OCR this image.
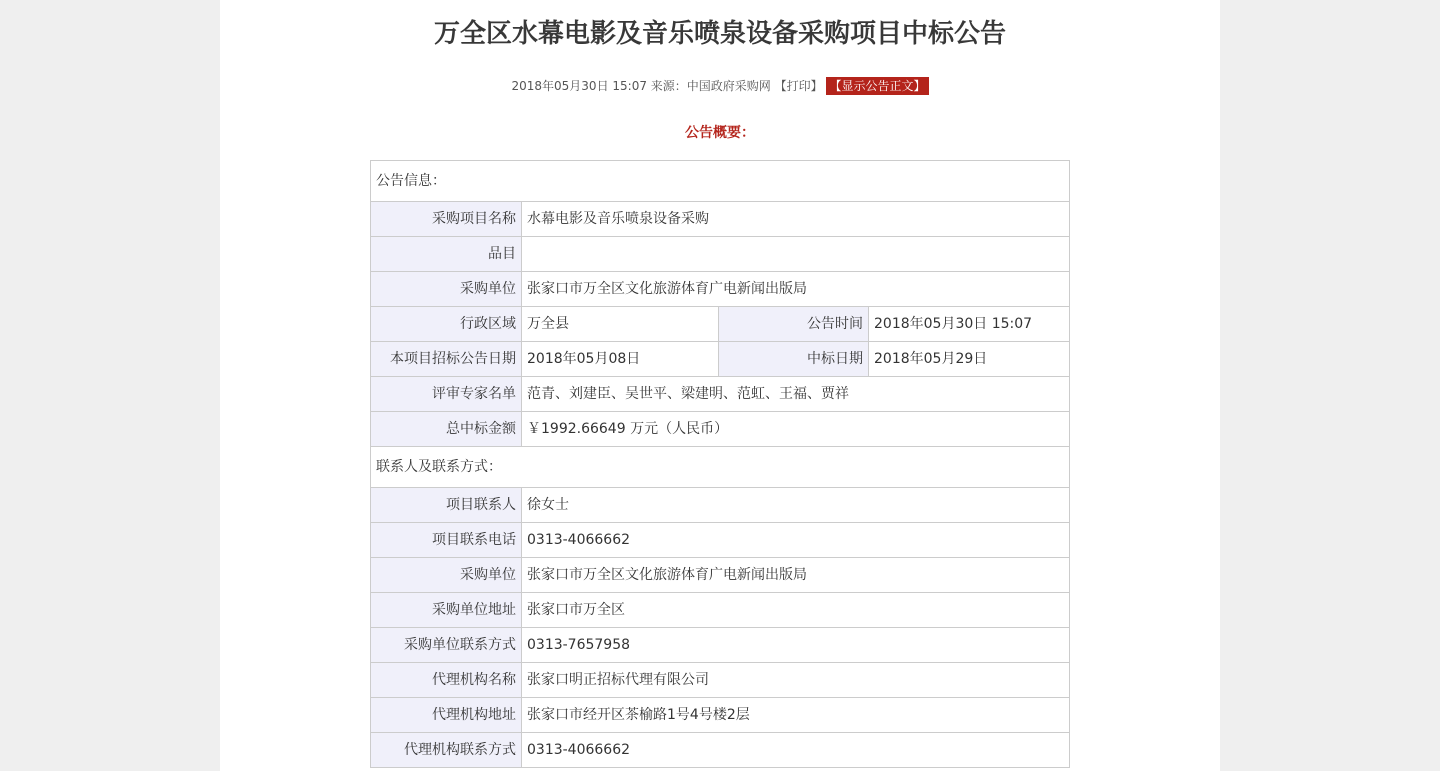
万全区水幕电影及音乐喷泉设备采购项目中标公告
2018年05月30日 15:07 来源：中国政府采购网 【打印】 【显示公告正文】
公告概要：
公告信息：			
采购项目名称	水幕电影及音乐喷泉设备采购		
品目			
采购单位	张家口市万全区文化旅游体育广电新闻出版局		
行政区域	万全县	公告时间	2018年05月30日 15:07
本项目招标公告日期	2018年05月08日	中标日期	2018年05月29日
评审专家名单	范青、刘建臣、吴世平、梁建明、范虹、王福、贾祥		
总中标金额	￥1992.66649 万元（人民币）		
联系人及联系方式：			
项目联系人	徐女士		
项目联系电话	0313-4066662		
采购单位	张家口市万全区文化旅游体育广电新闻出版局		
采购单位地址	张家口市万全区		
采购单位联系方式	0313-7657958		
代理机构名称	张家口明正招标代理有限公司		
代理机构地址	张家口市经开区茶榆路1号4号楼2层		
代理机构联系方式	0313-4066662		
